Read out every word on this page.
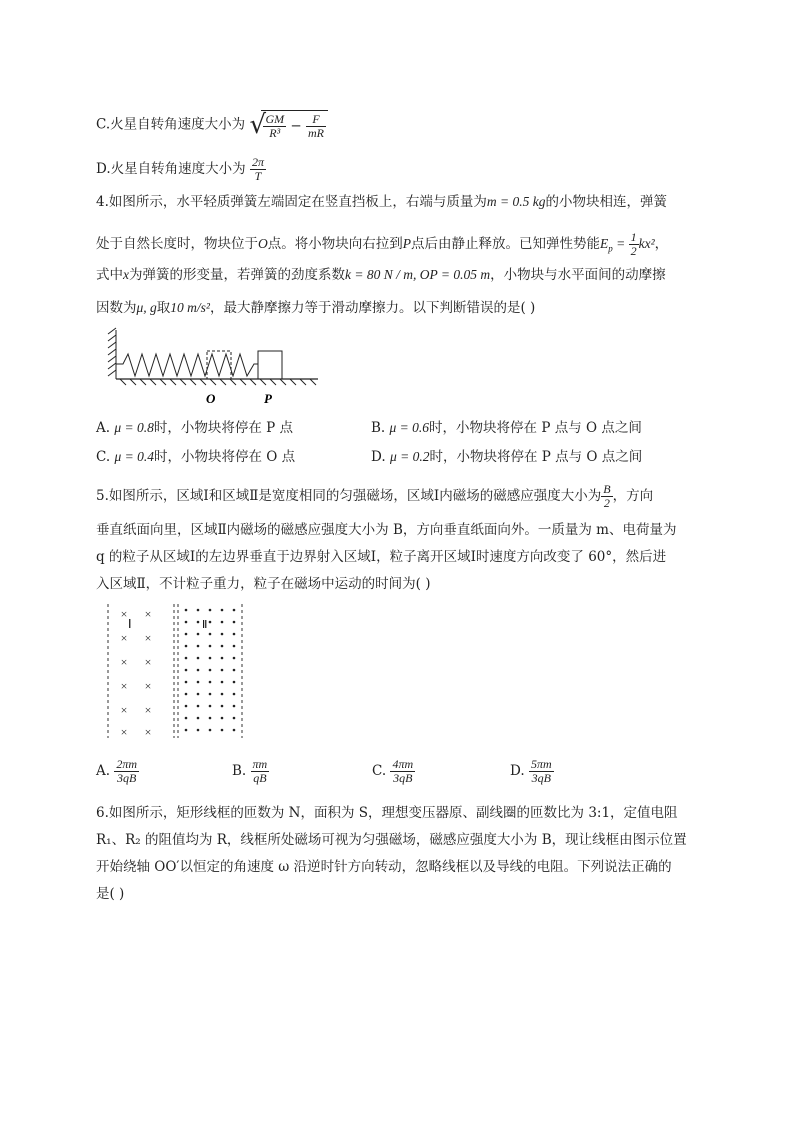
C.火星自转角速度大小为 √
$\frac{GM}{\text{R³}} - \frac{F}{mR}$
D.火星自转角速度大小为 $\frac{2\pi}{T}$
4.如图所示，水平轻质弹簧左端固定在竖直挡板上，右端与质量为m = 0.5 kg的小物块相连，弹簧
处于自然长度时，物块位于O点。将小物块向右拉到P点后由静止释放。已知弹性势能$E_p = \frac{1}{2} kx^2$，
式中x为弹簧的形变量，若弹簧的劲度系数k = 80 N / m, OP = 0.05 m，小物块与水平面间的动摩擦
因数为μ, g取10 m/s²，最大静摩擦力等于滑动摩擦力。以下判断错误的是( )
O	P
A. μ = 0.8时，小物块将停在 P 点	B. μ = 0.6时，小物块将停在 P 点与 O 点之间
C. μ = 0.4时，小物块将停在 O 点	D. μ = 0.2时，小物块将停在 P 点与 O 点之间
5.如图所示，区域Ⅰ和区域Ⅱ是宽度相同的匀强磁场，区域Ⅰ内磁场的磁感应强度大小为 $\frac{B}{2}$ ，方向
垂直纸面向里，区域Ⅱ内磁场的磁感应强度大小为 B，方向垂直纸面向外。一质量为 m、电荷量为
q 的粒子从区域Ⅰ的左边界垂直于边界射入区域Ⅰ，粒子离开区域Ⅰ时速度方向改变了 60°，然后进
入区域Ⅱ，不计粒子重力，粒子在磁场中运动的时间为( )
× ×
× ×
× ×
× ×
× ×
× ×
Ⅰ	Ⅱ
A. $\frac{2\pi m}{3qB}$	B. $\frac{\pi m}{qB}$	C. $\frac{4\pi m}{3qB}$	D. $\frac{5\pi m}{3qB}$
6.如图所示，矩形线框的匝数为 N，面积为 S，理想变压器原、副线圈的匝数比为 3:1，定值电阻
R₁、R₂ 的阻值均为 R，线框所处磁场可视为匀强磁场，磁感应强度大小为 B，现让线框由图示位置
开始绕轴 OO′以恒定的角速度 ω 沿逆时针方向转动，忽略线框以及导线的电阻。下列说法正确的
是( )
